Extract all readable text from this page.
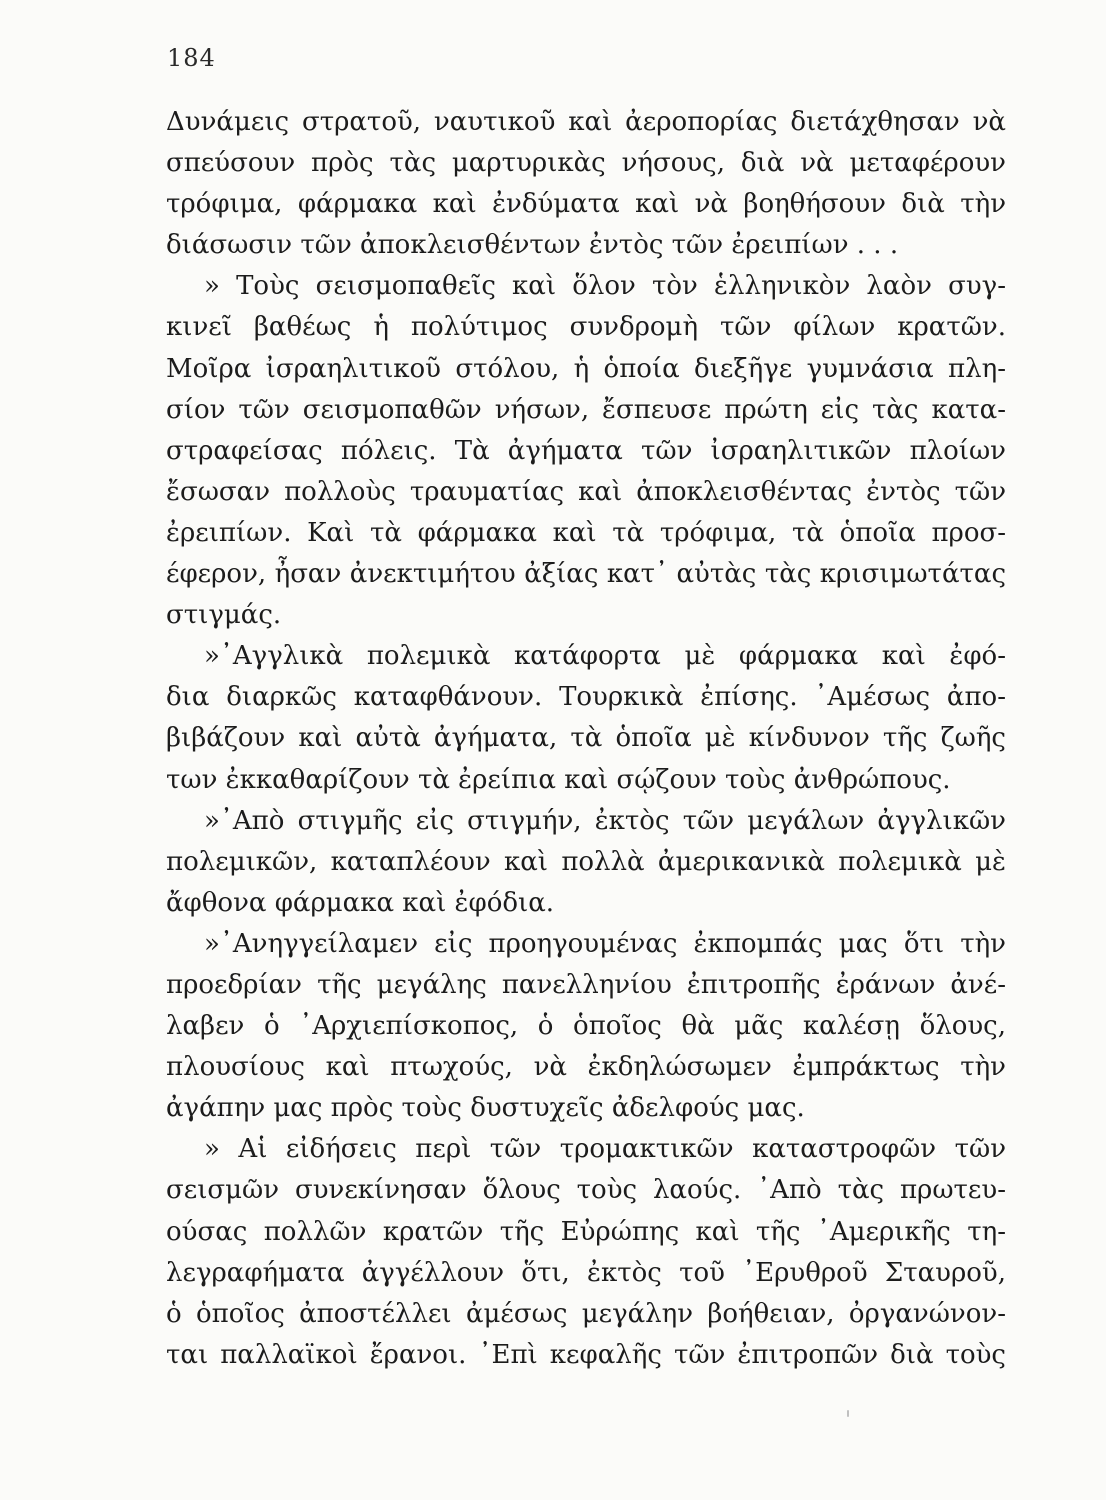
184
Δυνάμεις στρατοῦ, ναυτικοῦ καὶ ἀεροπορίας διετάχθησαν νὰ
σπεύσουν πρὸς τὰς μαρτυρικὰς νήσους, διὰ νὰ μεταφέρουν
τρόφιμα, φάρμακα καὶ ἐνδύματα καὶ νὰ βοηθήσουν διὰ τὴν
διάσωσιν τῶν ἀποκλεισθέντων ἐντὸς τῶν ἐρειπίων . . .
» Τοὺς σεισμοπαθεῖς καὶ ὅλον τὸν ἑλληνικὸν λαὸν συγ-
κινεῖ βαθέως ἡ πολύτιμος συνδρομὴ τῶν φίλων κρατῶν.
Μοῖρα ἰσραηλιτικοῦ στόλου, ἡ ὁποία διεξῆγε γυμνάσια πλη-
σίον τῶν σεισμοπαθῶν νήσων, ἔσπευσε πρώτη εἰς τὰς κατα-
στραφείσας πόλεις. Τὰ ἀγήματα τῶν ἰσραηλιτικῶν πλοίων
ἔσωσαν πολλοὺς τραυματίας καὶ ἀποκλεισθέντας ἐντὸς τῶν
ἐρειπίων. Καὶ τὰ φάρμακα καὶ τὰ τρόφιμα, τὰ ὁποῖα προσ-
έφερον, ἦσαν ἀνεκτιμήτου ἀξίας κατ᾽ αὐτὰς τὰς κρισιμωτάτας
στιγμάς.
»᾽Αγγλικὰ πολεμικὰ κατάφορτα μὲ φάρμακα καὶ ἐφό-
δια διαρκῶς καταφθάνουν. Τουρκικὰ ἐπίσης. ᾽Αμέσως ἀπο-
βιβάζουν καὶ αὐτὰ ἀγήματα, τὰ ὁποῖα μὲ κίνδυνον τῆς ζωῆς
των ἐκκαθαρίζουν τὰ ἐρείπια καὶ σῴζουν τοὺς ἀνθρώπους.
»᾽Απὸ στιγμῆς εἰς στιγμήν, ἐκτὸς τῶν μεγάλων ἀγγλικῶν
πολεμικῶν, καταπλέουν καὶ πολλὰ ἀμερικανικὰ πολεμικὰ μὲ
ἄφθονα φάρμακα καὶ ἐφόδια.
»᾽Ανηγγείλαμεν εἰς προηγουμένας ἐκπομπάς μας ὅτι τὴν
προεδρίαν τῆς μεγάλης πανελληνίου ἐπιτροπῆς ἐράνων ἀνέ-
λαβεν ὁ ᾽Αρχιεπίσκοπος, ὁ ὁποῖος θὰ μᾶς καλέσῃ ὅλους,
πλουσίους καὶ πτωχούς, νὰ ἐκδηλώσωμεν ἐμπράκτως τὴν
ἀγάπην μας πρὸς τοὺς δυστυχεῖς ἀδελφούς μας.
» Αἱ εἰδήσεις περὶ τῶν τρομακτικῶν καταστροφῶν τῶν
σεισμῶν συνεκίνησαν ὅλους τοὺς λαούς. ᾽Απὸ τὰς πρωτευ-
ούσας πολλῶν κρατῶν τῆς Εὐρώπης καὶ τῆς ᾽Αμερικῆς τη-
λεγραφήματα ἀγγέλλουν ὅτι, ἐκτὸς τοῦ ᾽Ερυθροῦ Σταυροῦ,
ὁ ὁποῖος ἀποστέλλει ἀμέσως μεγάλην βοήθειαν, ὀργανώνον-
ται παλλαϊκοὶ ἔρανοι. ᾽Επὶ κεφαλῆς τῶν ἐπιτροπῶν διὰ τοὺς
